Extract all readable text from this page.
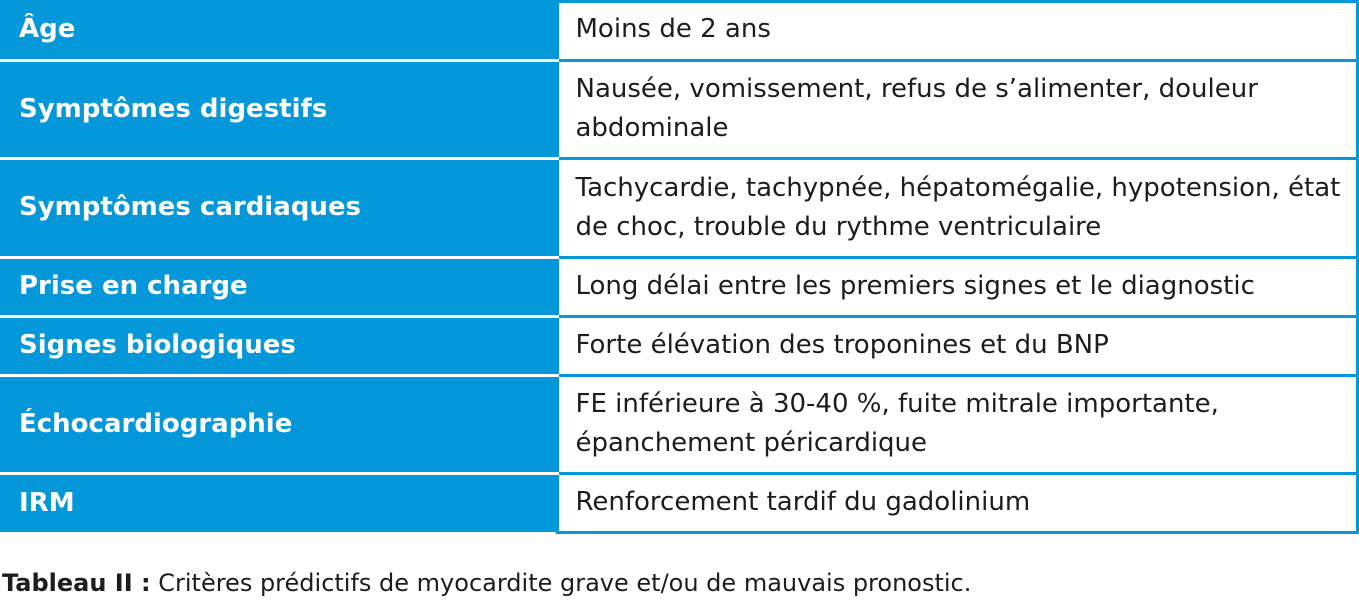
Âge	Moins de 2 ans
Symptômes digestifs	Nausée, vomissement, refus de s’alimenter, douleur abdominale
Symptômes cardiaques	Tachycardie, tachypnée, hépatomégalie, hypotension, état de choc, trouble du rythme ventriculaire
Prise en charge	Long délai entre les premiers signes et le diagnostic
Signes biologiques	Forte élévation des troponines et du BNP
Échocardiographie	FE inférieure à 30-40 %, fuite mitrale importante, épanchement péricardique
IRM	Renforcement tardif du gadolinium
Tableau II : Critères prédictifs de myocardite grave et/ou de mauvais pronostic.
